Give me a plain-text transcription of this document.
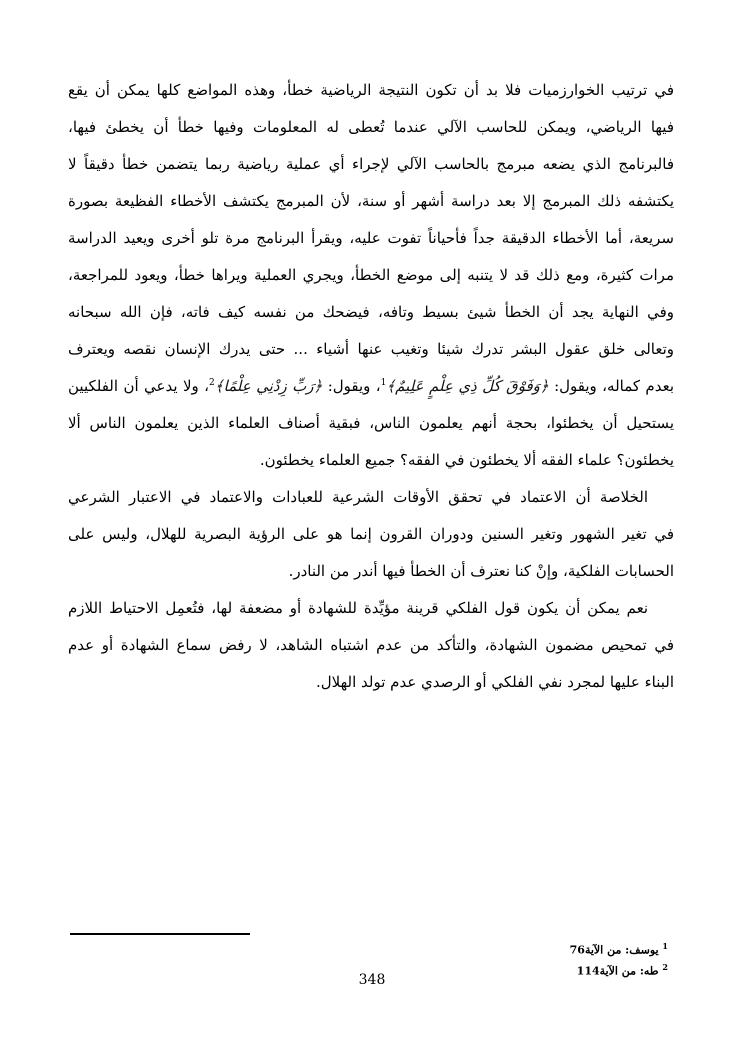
في ترتيب الخوارزميات فلا بد أن تكون النتيجة الرياضية خطأ، وهذه المواضع كلها يمكن أن يقع
فيها الرياضي، ويمكن للحاسب الآلي عندما تُعطى له المعلومات وفيها خطأ أن يخطئ فيها،
فالبرنامج الذي يضعه مبرمج بالحاسب الآلي لإجراء أي عملية رياضية ربما يتضمن خطأ دقيقاً لا
يكتشفه ذلك المبرمج إلا بعد دراسة أشهر أو سنة، لأن المبرمج يكتشف الأخطاء الفظيعة بصورة
سريعة، أما الأخطاء الدقيقة جداً فأحياناً تفوت عليه، ويقرأ البرنامج مرة تلو أخرى ويعيد الدراسة
مرات كثيرة، ومع ذلك قد لا يتنبه إلى موضع الخطأ، ويجري العملية ويراها خطأ، ويعود للمراجعة،
وفي النهاية يجد أن الخطأ شيئ بسيط وتافه، فيضحك من نفسه كيف فاته، فإن الله سبحانه
وتعالى خلق عقول البشر تدرك شيئا وتغيب عنها أشياء ... حتى يدرك الإنسان نقصه ويعترف
بعدم كماله، ويقول: ﴿وَفَوْقَ كُلِّ ذِي عِلْمٍ عَلِيمٌ﴾$^1$، ويقول: ﴿رَبِّ زِدْنِي عِلْمًا﴾$^2$، ولا يدعي أن الفلكيين
يستحيل أن يخطئوا، بحجة أنهم يعلمون الناس، فبقية أصناف العلماء الذين يعلمون الناس ألا
يخطئون؟ علماء الفقه ألا يخطئون في الفقه؟ جميع العلماء يخطئون.
الخلاصة أن الاعتماد في تحقق الأوقات الشرعية للعبادات والاعتماد في الاعتبار الشرعي
في تغير الشهور وتغير السنين ودوران القرون إنما هو على الرؤية البصرية للهلال، وليس على
الحسابات الفلكية، وإنْ كنا نعترف أن الخطأ فيها أندر من النادر.
نعم يمكن أن يكون قول الفلكي قرينة مؤيِّدة للشهادة أو مضعفة لها، فتُعمِل الاحتياط اللازم
في تمحيص مضمون الشهادة، والتأكد من عدم اشتباه الشاهد، لا رفض سماع الشهادة أو عدم
البناء عليها لمجرد نفي الفلكي أو الرصدي عدم تولد الهلال.
$^1$ يوسف: من الآية76
$^2$ طه: من الآية114
348
